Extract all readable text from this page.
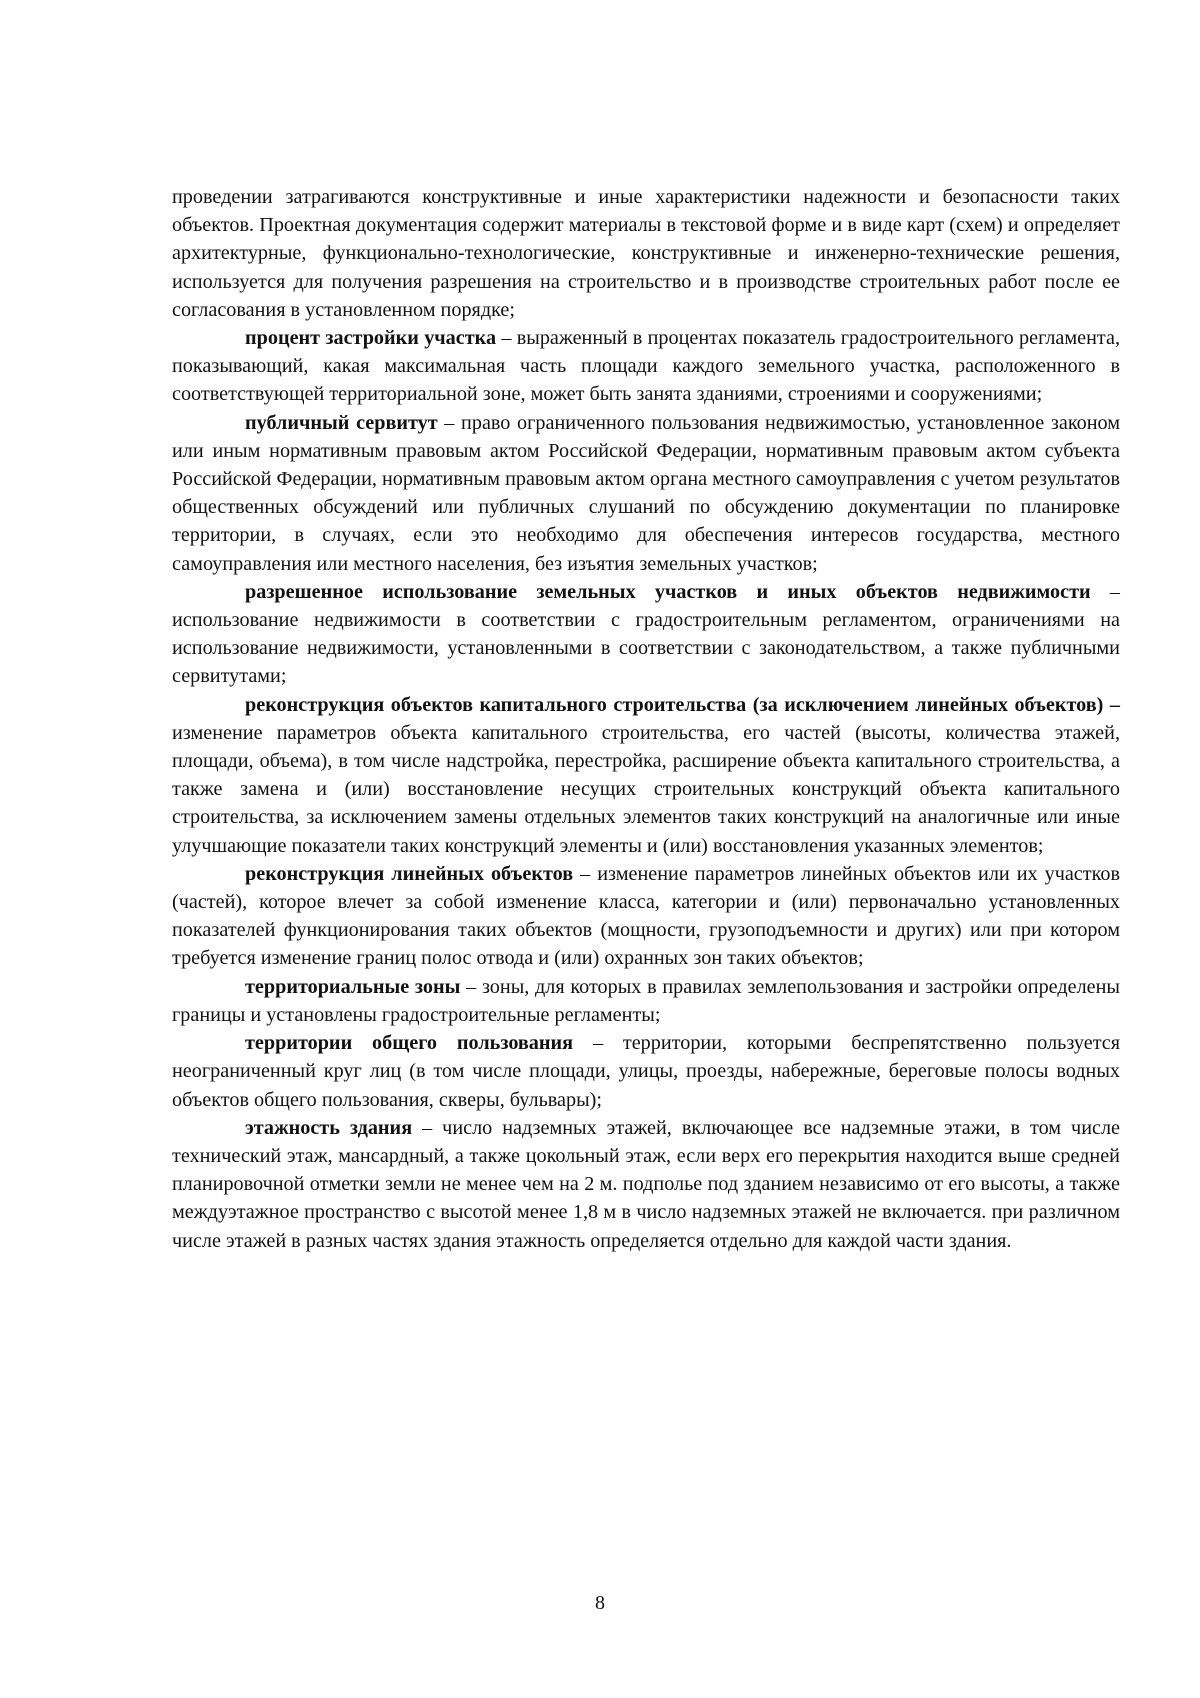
проведении затрагиваются конструктивные и иные характеристики надежности и безопасности таких объектов. Проектная документация содержит материалы в текстовой форме и в виде карт (схем) и определяет архитектурные, функционально-технологические, конструктивные и инженерно-технические решения, используется для получения разрешения на строительство и в производстве строительных работ после ее согласования в установленном порядке;

процент застройки участка – выраженный в процентах показатель градостроительного регламента, показывающий, какая максимальная часть площади каждого земельного участка, расположенного в соответствующей территориальной зоне, может быть занята зданиями, строениями и сооружениями;

публичный сервитут – право ограниченного пользования недвижимостью, установленное законом или иным нормативным правовым актом Российской Федерации, нормативным правовым актом субъекта Российской Федерации, нормативным правовым актом органа местного самоуправления с учетом результатов общественных обсуждений или публичных слушаний по обсуждению документации по планировке территории, в случаях, если это необходимо для обеспечения интересов государства, местного самоуправления или местного населения, без изъятия земельных участков;

разрешенное использование земельных участков и иных объектов недвижимости – использование недвижимости в соответствии с градостроительным регламентом, ограничениями на использование недвижимости, установленными в соответствии с законодательством, а также публичными сервитутами;

реконструкция объектов капитального строительства (за исключением линейных объектов) – изменение параметров объекта капитального строительства, его частей (высоты, количества этажей, площади, объема), в том числе надстройка, перестройка, расширение объекта капитального строительства, а также замена и (или) восстановление несущих строительных конструкций объекта капитального строительства, за исключением замены отдельных элементов таких конструкций на аналогичные или иные улучшающие показатели таких конструкций элементы и (или) восстановления указанных элементов;

реконструкция линейных объектов – изменение параметров линейных объектов или их участков (частей), которое влечет за собой изменение класса, категории и (или) первоначально установленных показателей функционирования таких объектов (мощности, грузоподъемности и других) или при котором требуется изменение границ полос отвода и (или) охранных зон таких объектов;

территориальные зоны – зоны, для которых в правилах землепользования и застройки определены границы и установлены градостроительные регламенты;

территории общего пользования – территории, которыми беспрепятственно пользуется неограниченный круг лиц (в том числе площади, улицы, проезды, набережные, береговые полосы водных объектов общего пользования, скверы, бульвары);

этажность здания – число надземных этажей, включающее все надземные этажи, в том числе технический этаж, мансардный, а также цокольный этаж, если верх его перекрытия находится выше средней планировочной отметки земли не менее чем на 2 м. подполье под зданием независимо от его высоты, а также междуэтажное пространство с высотой менее 1,8 м в число надземных этажей не включается. при различном числе этажей в разных частях здания этажность определяется отдельно для каждой части здания.

8
